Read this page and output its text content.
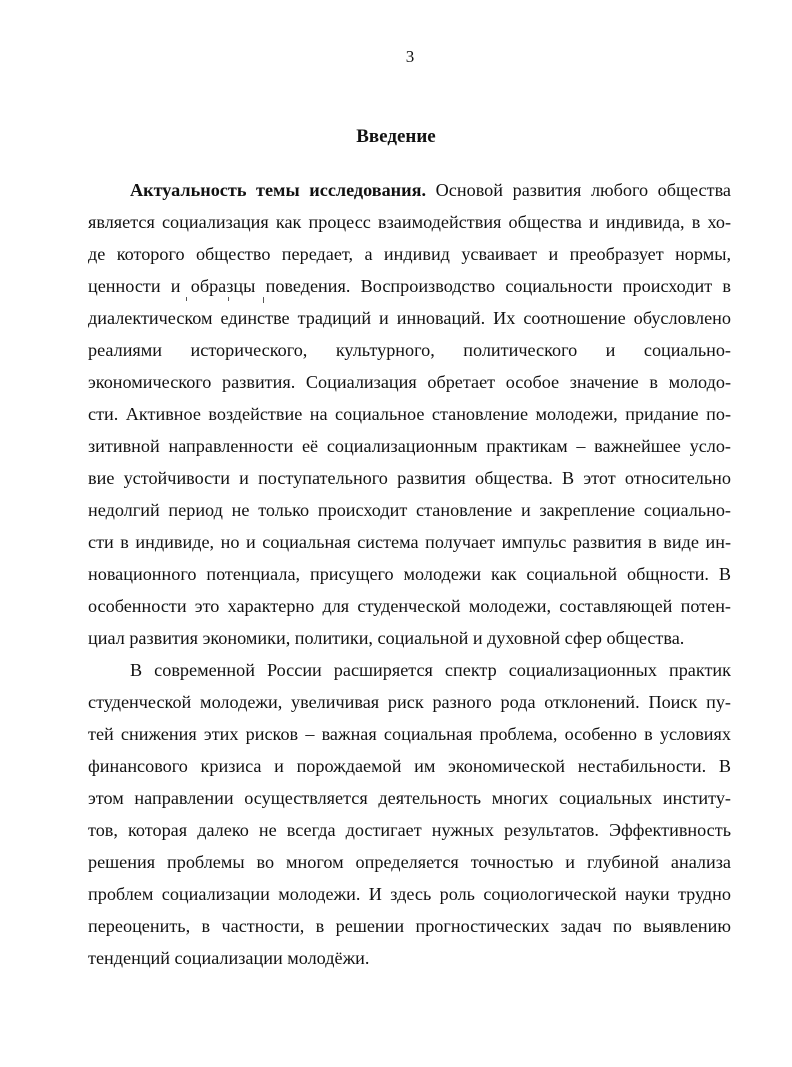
3
Введение
Актуальность темы исследования. Основой развития любого общества
является социализация как процесс взаимодействия общества и индивида, в хо-
де которого общество передает, а индивид усваивает и преобразует нормы,
ценности и образцы поведения. Воспроизводство социальности происходит в
диалектическом единстве традиций и инноваций. Их соотношение обусловлено
реалиями исторического, культурного, политического и социально-
экономического развития. Социализация обретает особое значение в молодо-
сти. Активное воздействие на социальное становление молодежи, придание по-
зитивной направленности её социализационным практикам – важнейшее усло-
вие устойчивости и поступательного развития общества. В этот относительно
недолгий период не только происходит становление и закрепление социально-
сти в индивиде, но и социальная система получает импульс развития в виде ин-
новационного потенциала, присущего молодежи как социальной общности. В
особенности это характерно для студенческой молодежи, составляющей потен-
циал развития экономики, политики, социальной и духовной сфер общества.
В современной России расширяется спектр социализационных практик
студенческой молодежи, увеличивая риск разного рода отклонений. Поиск пу-
тей снижения этих рисков – важная социальная проблема, особенно в условиях
финансового кризиса и порождаемой им экономической нестабильности. В
этом направлении осуществляется деятельность многих социальных институ-
тов, которая далеко не всегда достигает нужных результатов. Эффективность
решения проблемы во многом определяется точностью и глубиной анализа
проблем социализации молодежи. И здесь роль социологической науки трудно
переоценить, в частности, в решении прогностических задач по выявлению
тенденций социализации молодёжи.
